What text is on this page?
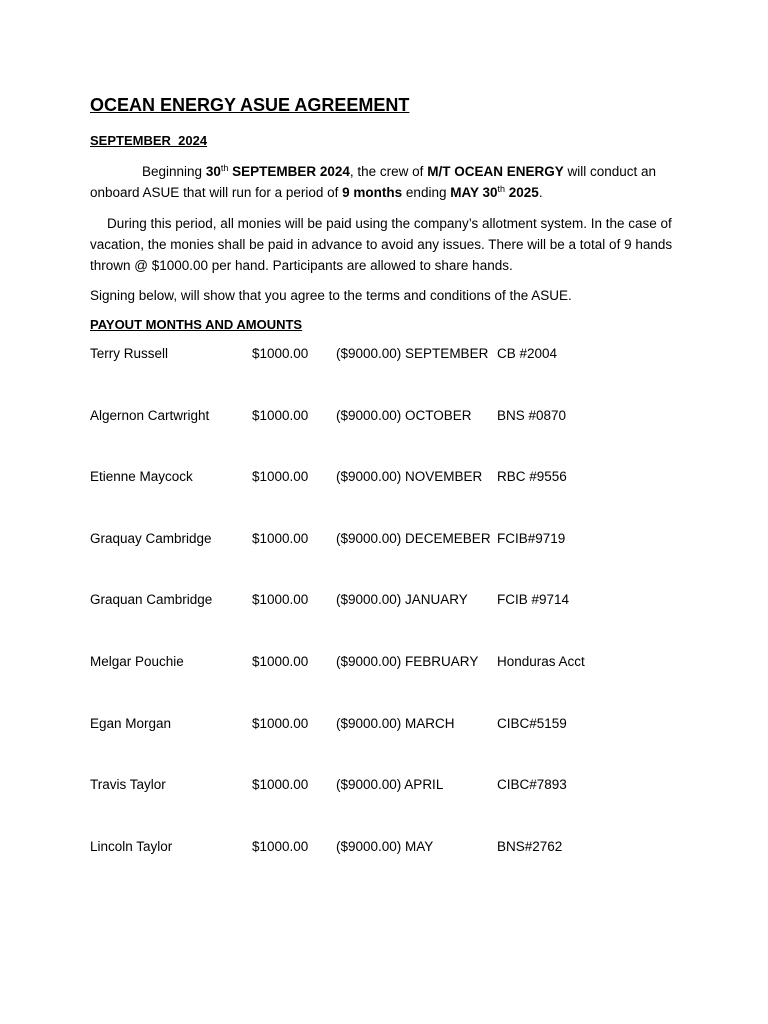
OCEAN ENERGY ASUE AGREEMENT
SEPTEMBER  2024
Beginning 30th SEPTEMBER 2024, the crew of M/T OCEAN ENERGY will conduct an onboard ASUE that will run for a period of 9 months ending MAY 30th 2025.
During this period, all monies will be paid using the company’s allotment system. In the case of vacation, the monies shall be paid in advance to avoid any issues. There will be a total of 9 hands thrown @ $1000.00 per hand. Participants are allowed to share hands.
Signing below, will show that you agree to the terms and conditions of the ASUE.
PAYOUT MONTHS AND AMOUNTS
Terry Russell	$1000.00 ($9000.00) SEPTEMBER CB #2004
Algernon Cartwright	$1000.00 ($9000.00) OCTOBER BNS #0870
Etienne Maycock	$1000.00 ($9000.00) NOVEMBER RBC #9556
Graquay Cambridge	$1000.00 ($9000.00) DECEMEBER FCIB#9719
Graquan Cambridge	$1000.00 ($9000.00) JANUARY FCIB #9714
Melgar Pouchie	$1000.00 ($9000.00) FEBRUARY Honduras Acct
Egan Morgan	$1000.00 ($9000.00) MARCH	CIBC#5159
Travis Taylor	$1000.00 ($9000.00) APRIL	CIBC#7893
Lincoln Taylor	$1000.00 ($9000.00) MAY	BNS#2762
